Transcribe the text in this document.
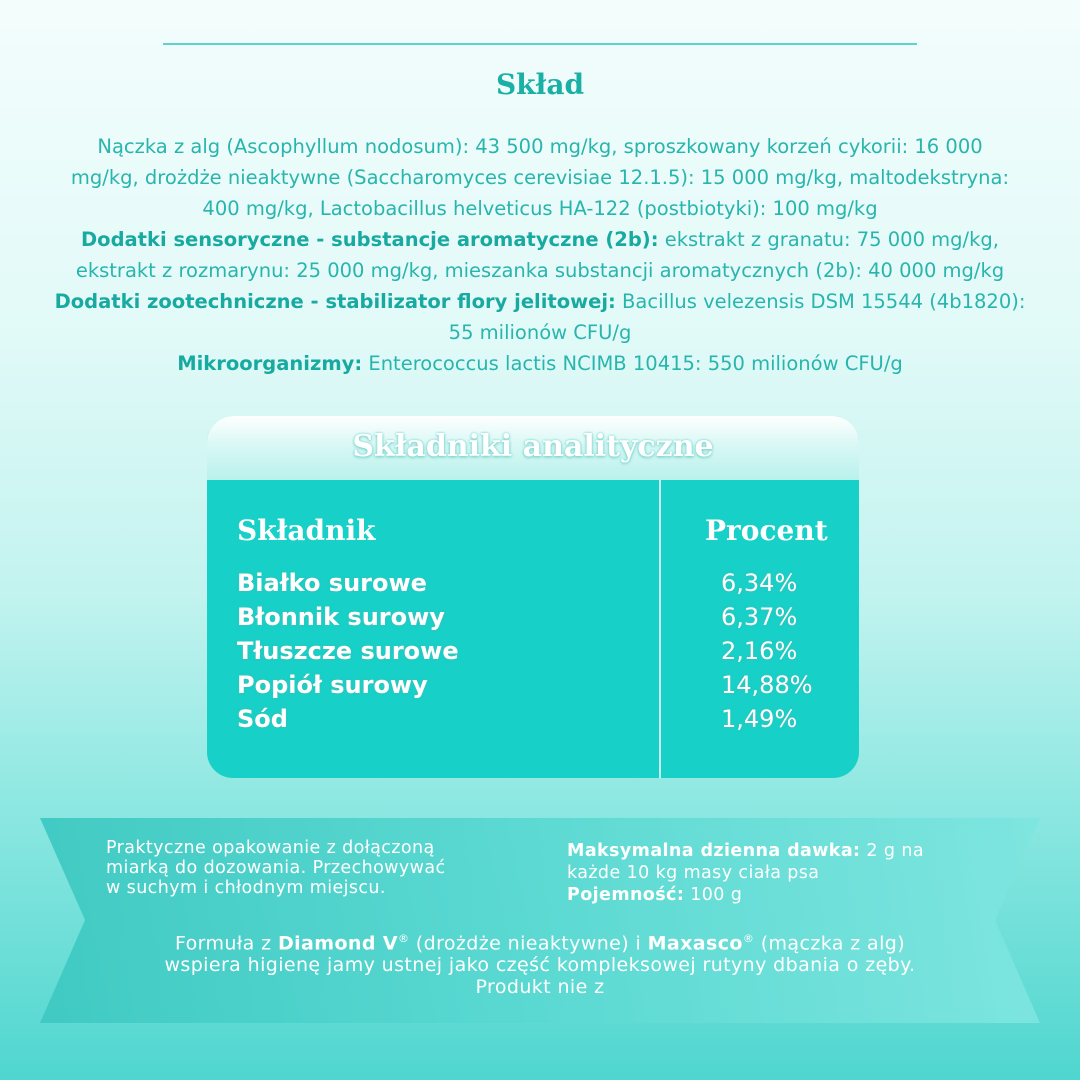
Skład
Nączka z alg (Ascophyllum nodosum): 43 500 mg/kg, sproszkowany korzeń cykorii: 16 000
mg/kg, drożdże nieaktywne (Saccharomyces cerevisiae 12.1.5): 15 000 mg/kg, maltodekstryna:
400 mg/kg, Lactobacillus helveticus HA-122 (postbiotyki): 100 mg/kg
Dodatki sensoryczne - substancje aromatyczne (2b): ekstrakt z granatu: 75 000 mg/kg,
ekstrakt z rozmarynu: 25 000 mg/kg, mieszanka substancji aromatycznych (2b): 40 000 mg/kg
Dodatki zootechniczne - stabilizator flory jelitowej: Bacillus velezensis DSM 15544 (4b1820):
55 milionów CFU/g
Mikroorganizmy: Enterococcus lactis NCIMB 10415: 550 milionów CFU/g
Składniki analityczne
Składnik	Procent
Białko surowe	6,34%
Błonnik surowy	6,37%
Tłuszcze surowe	2,16%
Popiół surowy	14,88%
Sód	1,49%
Praktyczne opakowanie z dołączoną
miarką do dozowania. Przechowywać
w suchym i chłodnym miejscu.
Maksymalna dzienna dawka: 2 g na
każde 10 kg masy ciała psa
Pojemność: 100 g
Formuła z Diamond V® (drożdże nieaktywne) i Maxasco® (mączka z alg)
wspiera higienę jamy ustnej jako część kompleksowej rutyny dbania o zęby.
Produkt nie z
